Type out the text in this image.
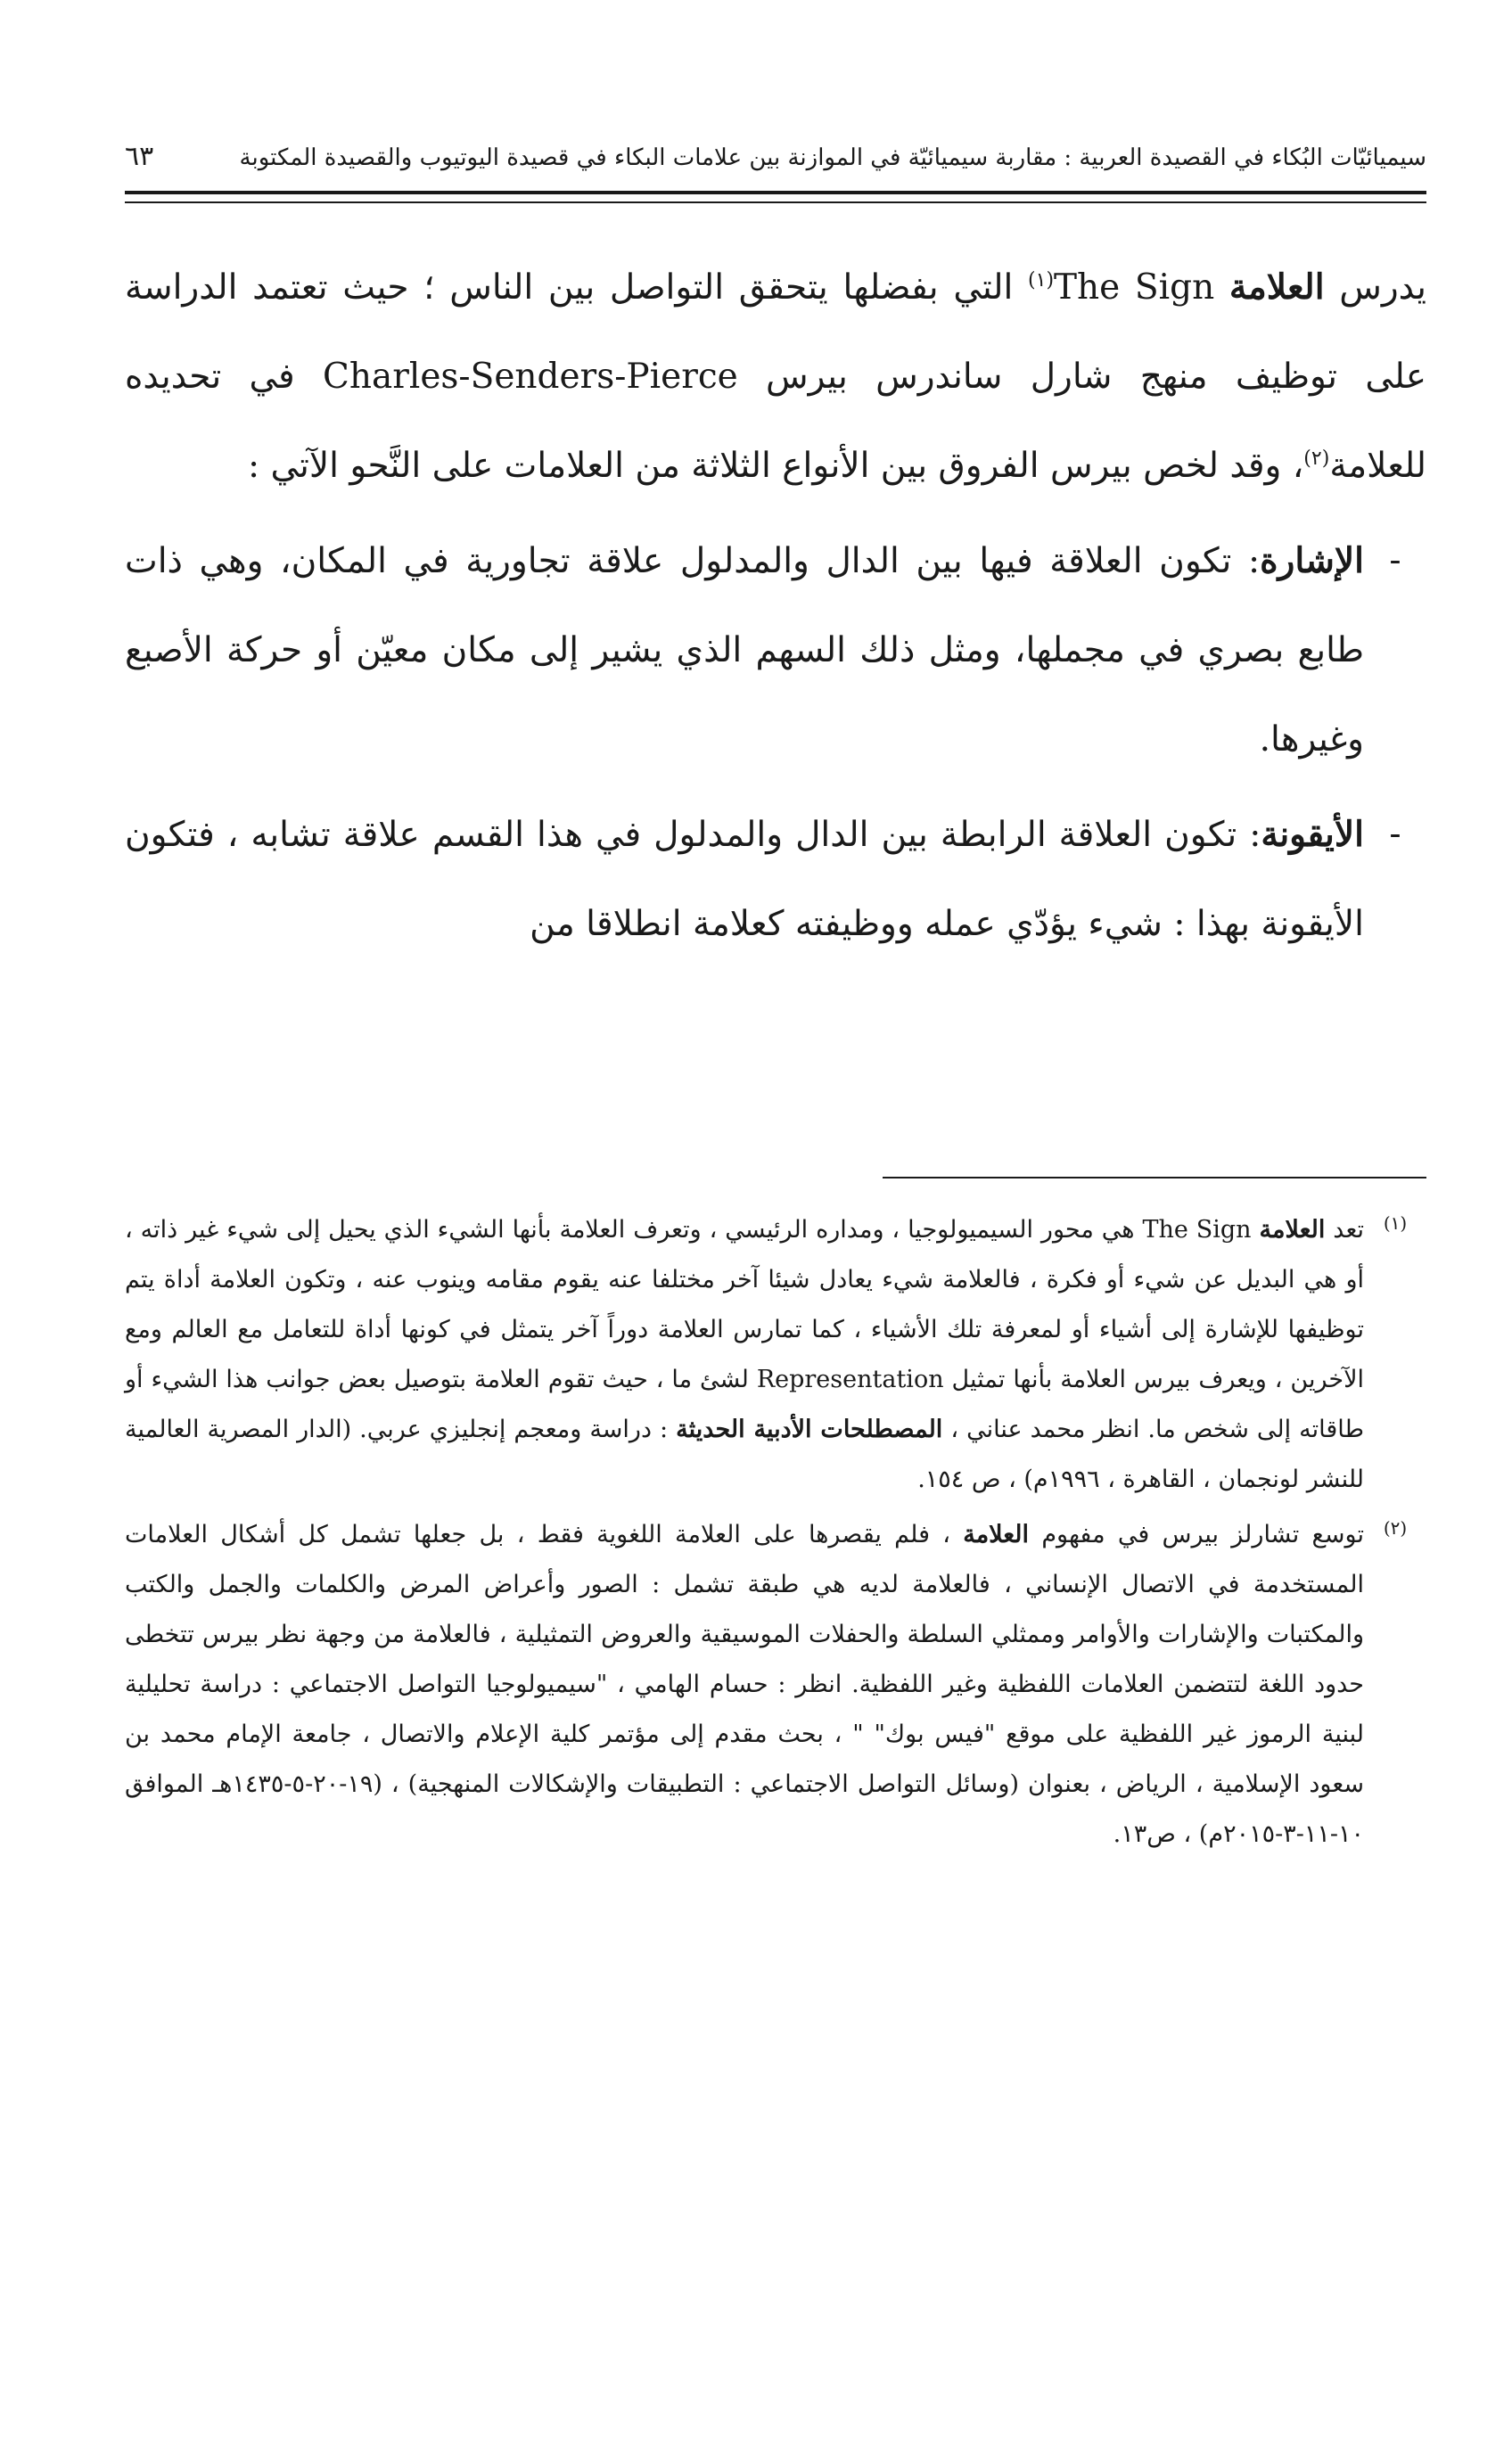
سيميائيّات البُكاء في القصيدة العربية : مقاربة سيميائيّة في الموازنة بين علامات البكاء في قصيدة اليوتيوب والقصيدة المكتوبة
٦٣

يدرس العلامة The Sign$^{(١)}$ التي بفضلها يتحقق التواصل بين الناس ؛ حيث تعتمد الدراسة على توظيف منهج شارل ساندرس بيرس Charles-Senders-Pierce في تحديده للعلامة$^{(٢)}$، وقد لخص بيرس الفروق بين الأنواع الثلاثة من العلامات على النَّحو الآتي :

-
الإشارة: تكون العلاقة فيها بين الدال والمدلول علاقة تجاورية في المكان، وهي ذات طابع بصري في مجملها، ومثل ذلك السهم الذي يشير إلى مكان معيّن أو حركة الأصبع وغيرها.
-
الأيقونة: تكون العلاقة الرابطة بين الدال والمدلول في هذا القسم علاقة تشابه ، فتكون الأيقونة بهذا : شيء يؤدّي عمله ووظيفته كعلامة انطلاقا من
(١)
تعد العلامة The Sign هي محور السيميولوجيا ، ومداره الرئيسي ، وتعرف العلامة بأنها الشيء الذي يحيل إلى شيء غير ذاته ، أو هي البديل عن شيء أو فكرة ، فالعلامة شيء يعادل شيئا آخر مختلفا عنه يقوم مقامه وينوب عنه ، وتكون العلامة أداة يتم توظيفها للإشارة إلى أشياء أو لمعرفة تلك الأشياء ، كما تمارس العلامة دوراً آخر يتمثل في كونها أداة للتعامل مع العالم ومع الآخرين ، ويعرف بيرس العلامة بأنها تمثيل Representation لشئ ما ، حيث تقوم العلامة بتوصيل بعض جوانب هذا الشيء أو طاقاته إلى شخص ما. انظر محمد عناني ، المصطلحات الأدبية الحديثة : دراسة ومعجم إنجليزي عربي. (الدار المصرية العالمية للنشر لونجمان ، القاهرة ، ١٩٩٦م) ، ص ١٥٤.
(٢)
توسع تشارلز بيرس في مفهوم العلامة ، فلم يقصرها على العلامة اللغوية فقط ، بل جعلها تشمل كل أشكال العلامات المستخدمة في الاتصال الإنساني ، فالعلامة لديه هي طبقة تشمل : الصور وأعراض المرض والكلمات والجمل والكتب والمكتبات والإشارات والأوامر وممثلي السلطة والحفلات الموسيقية والعروض التمثيلية ، فالعلامة من وجهة نظر بيرس تتخطى حدود اللغة لتتضمن العلامات اللفظية وغير اللفظية. انظر : حسام الهامي ، "سيميولوجيا التواصل الاجتماعي : دراسة تحليلية لبنية الرموز غير اللفظية على موقع "فيس بوك" " ، بحث مقدم إلى مؤتمر كلية الإعلام والاتصال ، جامعة الإمام محمد بن سعود الإسلامية ، الرياض ، بعنوان (وسائل التواصل الاجتماعي : التطبيقات والإشكالات المنهجية) ، (١٩-٢٠-٥-١٤٣٥هـ الموافق ١٠-١١-٣-٢٠١٥م) ، ص١٣.
